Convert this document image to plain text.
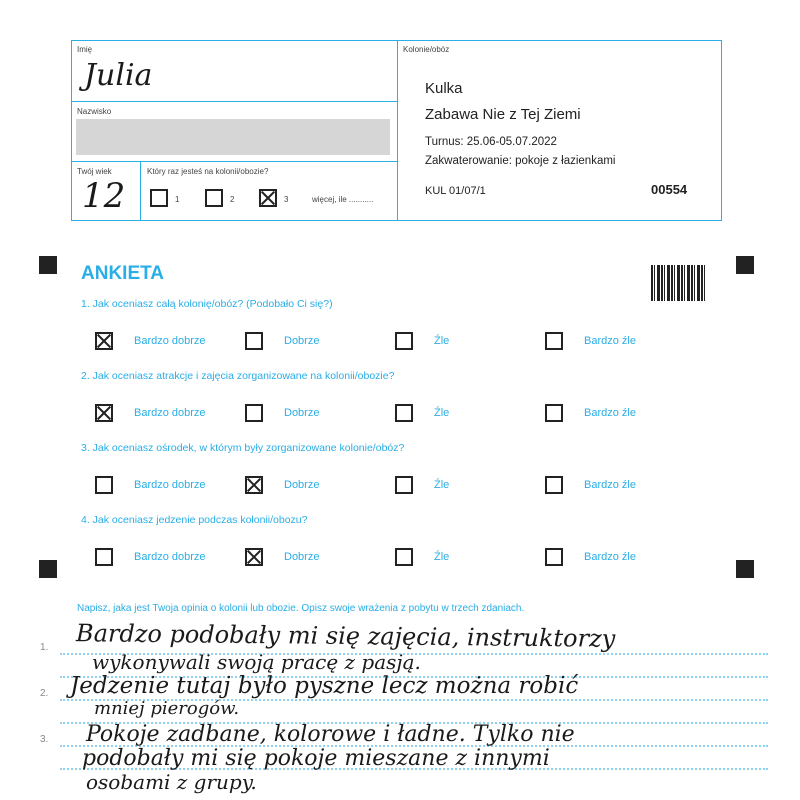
Imię
Julia
Nazwisko
Twój wiek
12
Który raz jesteś na kolonii/obozie?
1	2	3	więcej, ile ...........
Kolonie/obóz
Kulka
Zabawa Nie z Tej Ziemi
Turnus: 25.06-05.07.2022
Zakwaterowanie: pokoje z łazienkami
KUL 01/07/1	00554
ANKIETA
1. Jak oceniasz całą kolonię/obóz? (Podobało Ci się?)
Bardzo dobrze	Dobrze	Źle	Bardzo źle
2. Jak oceniasz atrakcje i zajęcia zorganizowane na kolonii/obozie?
Bardzo dobrze	Dobrze	Źle	Bardzo źle
3. Jak oceniasz ośrodek, w którym były zorganizowane kolonie/obóz?
Bardzo dobrze	Dobrze	Źle	Bardzo źle
4. Jak oceniasz jedzenie podczas kolonii/obozu?
Bardzo dobrze	Dobrze	Źle	Bardzo źle
Napisz, jaka jest Twoja opinia o kolonii lub obozie. Opisz swoje wrażenia z pobytu w trzech zdaniach.
1.
2.
3.
Bardzo podobały mi się zajęcia, instruktorzy
wykonywali swoją pracę z pasją.
Jedzenie tutaj było pyszne lecz można robić
mniej pierogów.
Pokoje zadbane, kolorowe i ładne. Tylko nie
podobały mi się pokoje mieszane z innymi
osobami z grupy.
